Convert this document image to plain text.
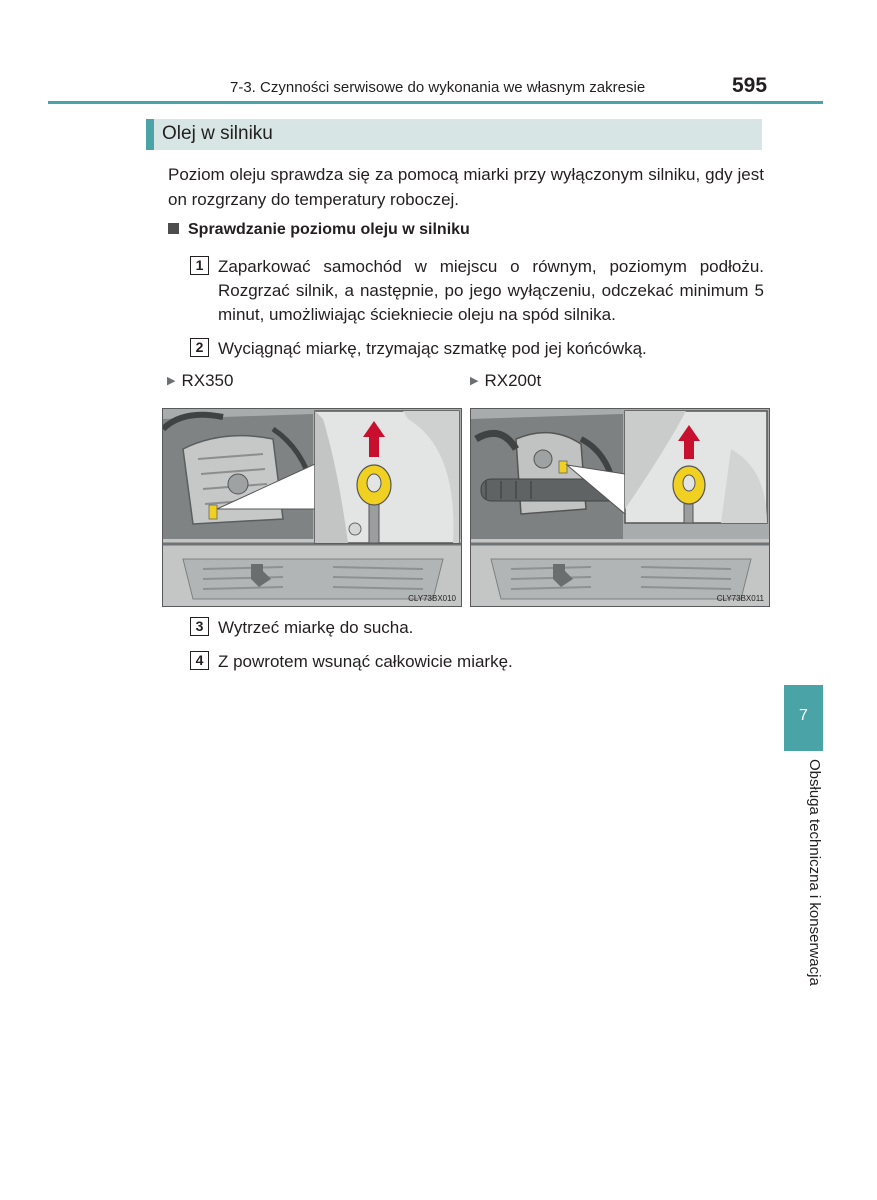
7-3. Czynności serwisowe do wykonania we własnym zakresie	595
Olej w silniku
Poziom oleju sprawdza się za pomocą miarki przy wyłączonym silniku, gdy jest on rozgrzany do temperatury roboczej.
Sprawdzanie poziomu oleju w silniku
1 Zaparkować samochód w miejscu o równym, poziomym podłożu. Rozgrzać silnik, a następnie, po jego wyłączeniu, odczekać minimum 5 minut, umożliwiając ściekniecie oleju na spód silnika.
2 Wyciągnąć miarkę, trzymając szmatkę pod jej końcówką.
▶ RX350	▶ RX200t
CLY73BX010	CLY73BX011
3 Wytrzeć miarkę do sucha.
4 Z powrotem wsunąć całkowicie miarkę.
7
Obsługa techniczna i konserwacja
